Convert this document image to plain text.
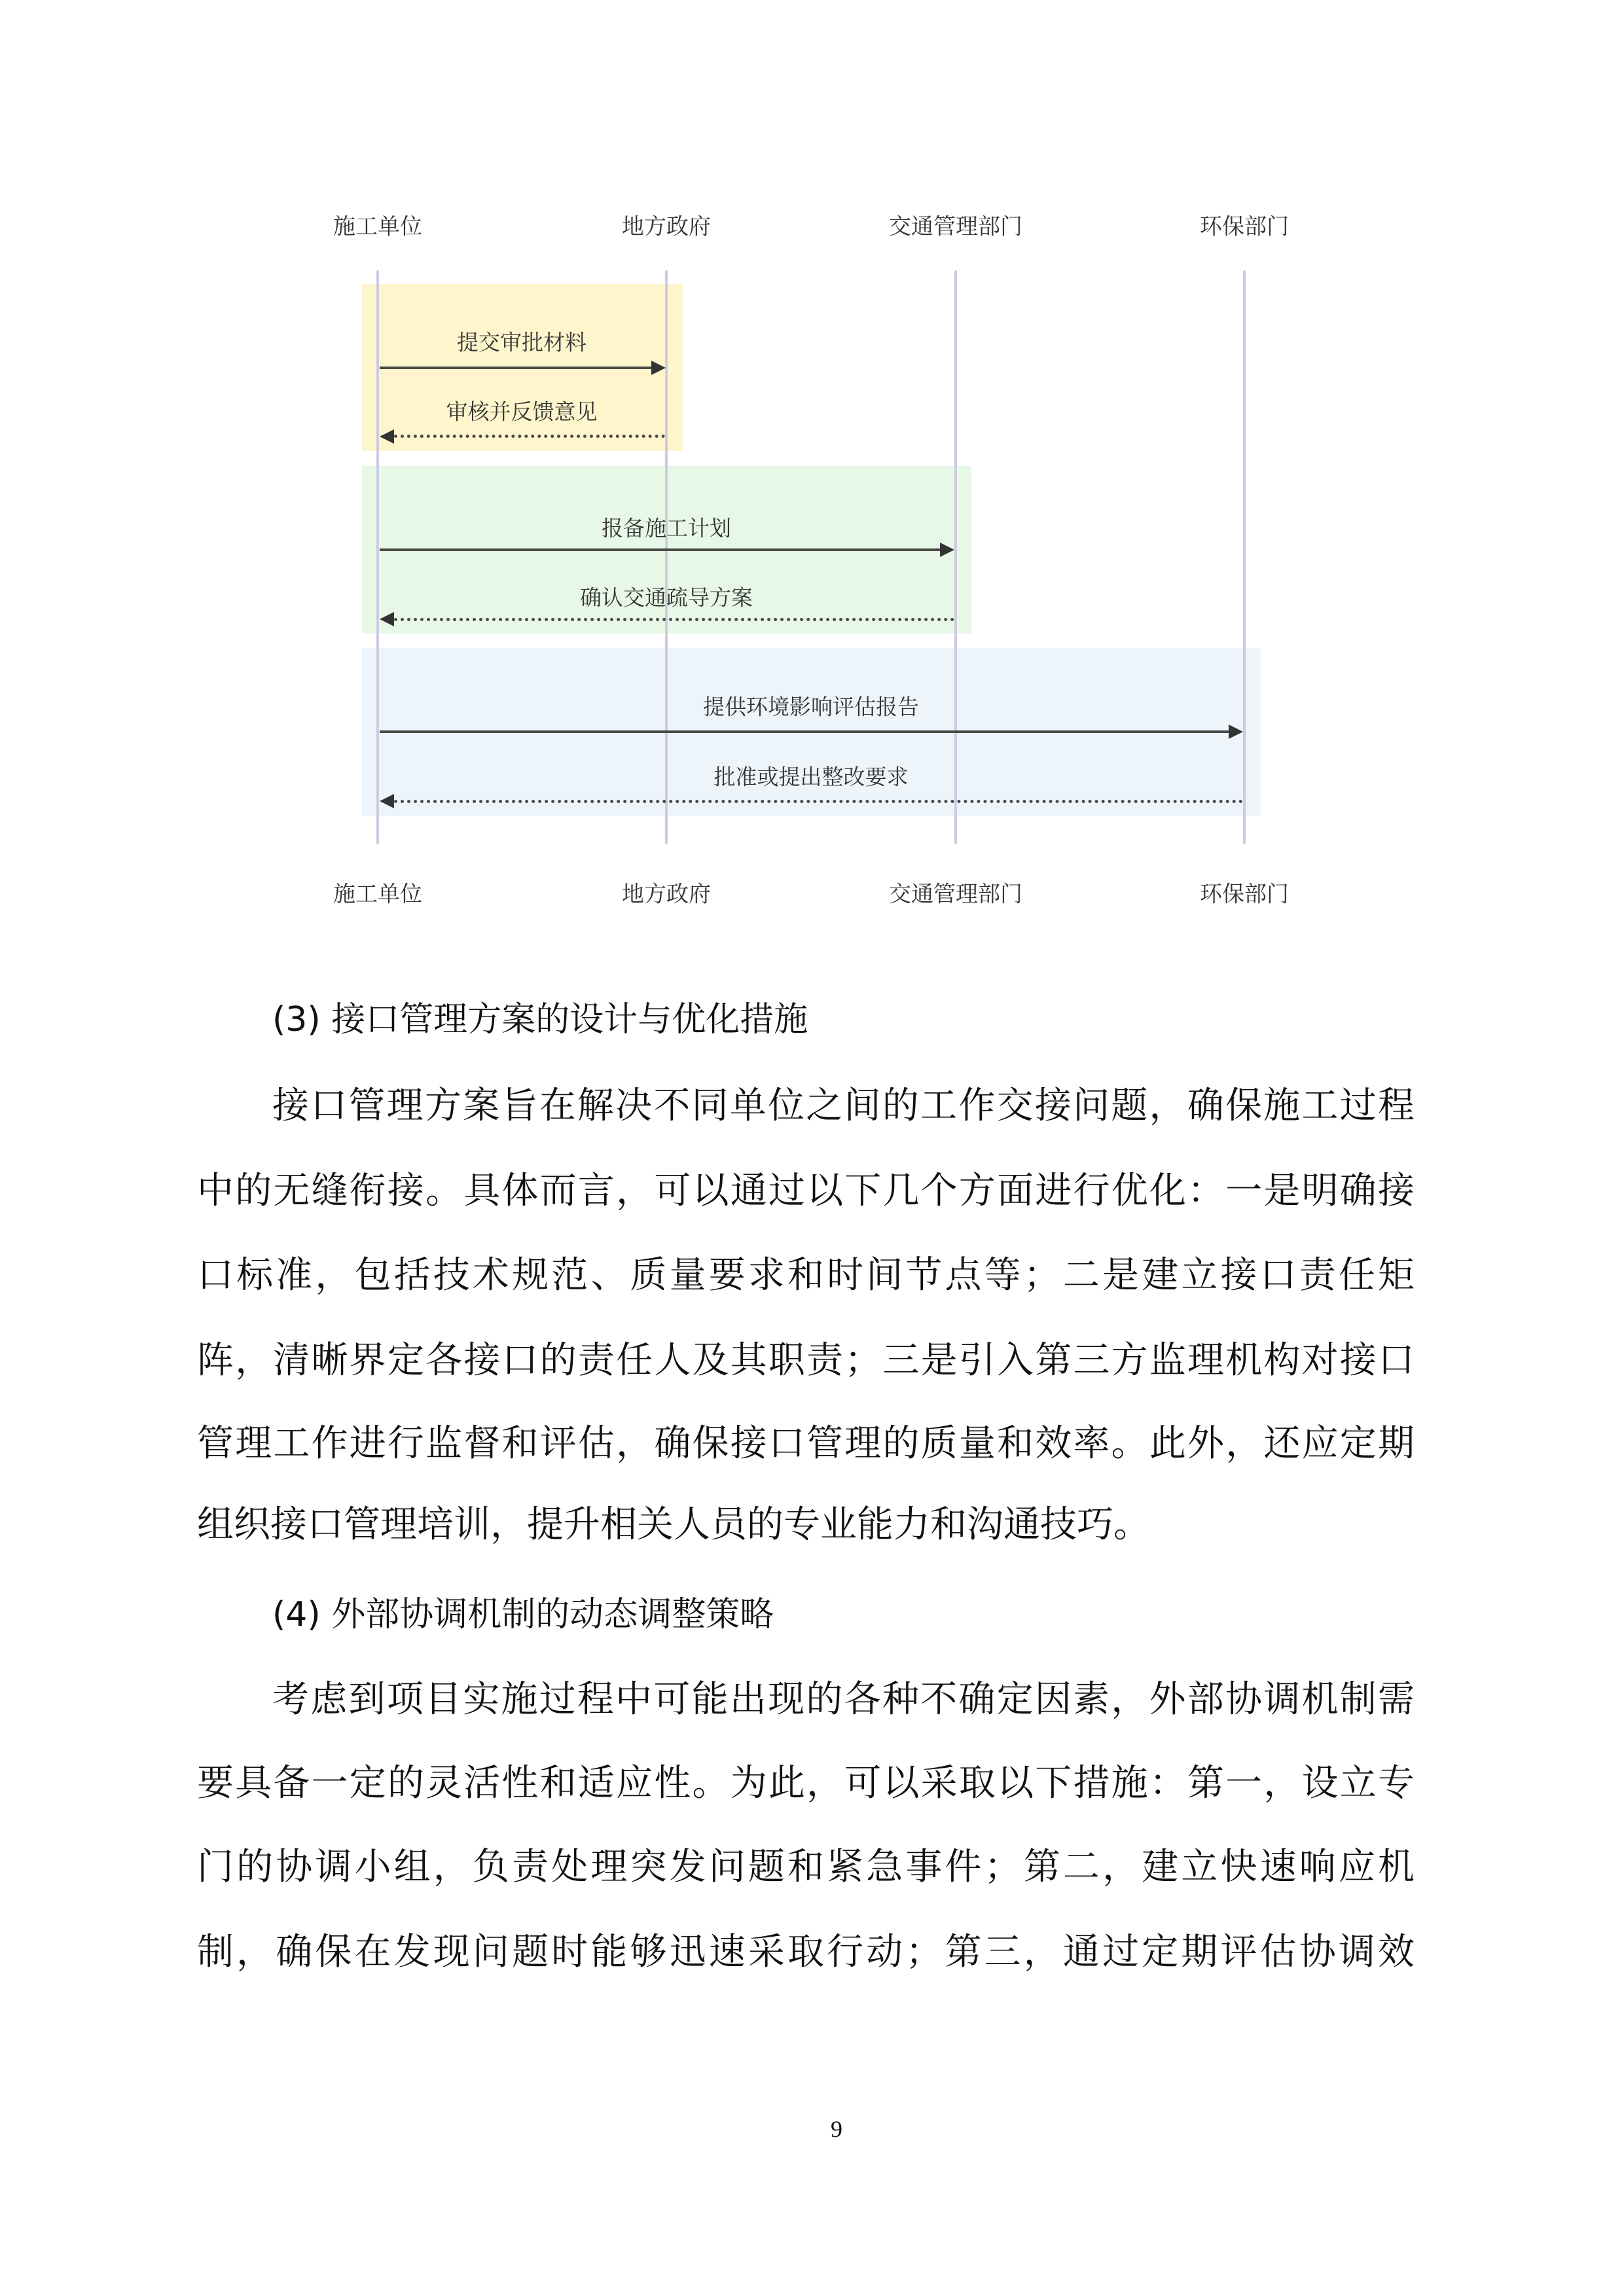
施工单位	地方政府	交通管理部门	环保部门
施工单位	地方政府	交通管理部门	环保部门
提交审批材料
审核并反馈意见
报备施工计划
确认交通疏导方案
提供环境影响评估报告
批准或提出整改要求
(3) 接口管理方案的设计与优化措施
接口管理方案旨在解决不同单位之间的工作交接问题，确保施工过程
中的无缝衔接。具体而言，可以通过以下几个方面进行优化：一是明确接
口标准，包括技术规范、质量要求和时间节点等；二是建立接口责任矩
阵，清晰界定各接口的责任人及其职责；三是引入第三方监理机构对接口
管理工作进行监督和评估，确保接口管理的质量和效率。此外，还应定期
组织接口管理培训，提升相关人员的专业能力和沟通技巧。
(4) 外部协调机制的动态调整策略
考虑到项目实施过程中可能出现的各种不确定因素，外部协调机制需
要具备一定的灵活性和适应性。为此，可以采取以下措施：第一，设立专
门的协调小组，负责处理突发问题和紧急事件；第二，建立快速响应机
制，确保在发现问题时能够迅速采取行动；第三，通过定期评估协调效
9
